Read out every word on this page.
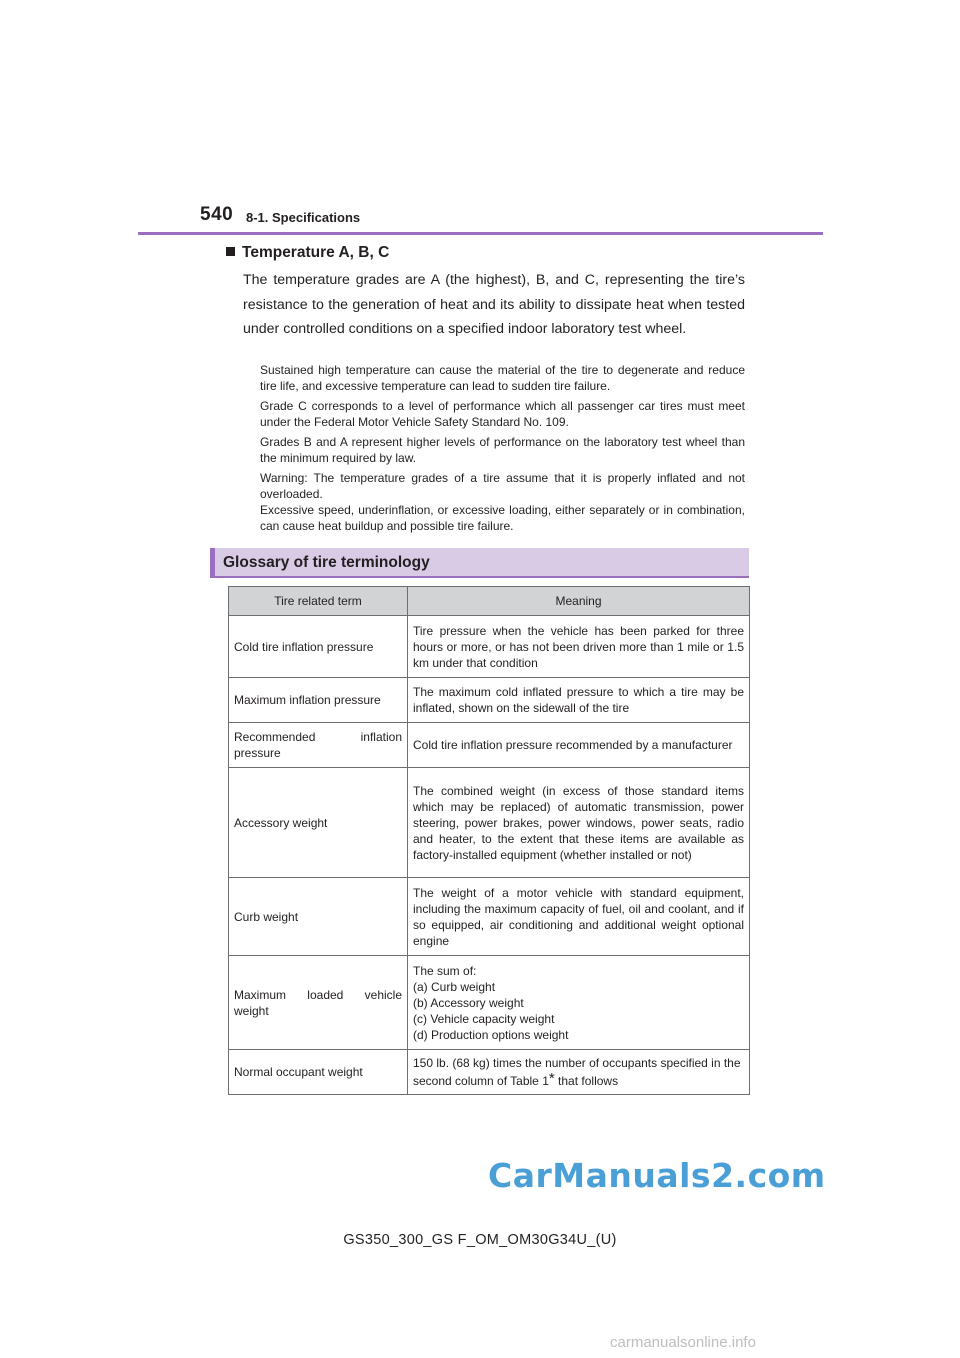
540 8-1. Specifications
Temperature A, B, C
The temperature grades are A (the highest), B, and C, representing the tire’s resistance to the generation of heat and its ability to dissipate heat when tested under controlled conditions on a specified indoor laboratory test wheel.

Sustained high temperature can cause the material of the tire to degenerate and reduce tire life, and excessive temperature can lead to sudden tire failure.

Grade C corresponds to a level of performance which all passenger car tires must meet under the Federal Motor Vehicle Safety Standard No. 109.

Grades B and A represent higher levels of performance on the laboratory test wheel than the minimum required by law.

Warning: The temperature grades of a tire assume that it is properly inflated and not overloaded.
Excessive speed, underinflation, or excessive loading, either separately or in combination, can cause heat buildup and possible tire failure.

Glossary of tire terminology
Tire related term	Meaning
Cold tire inflation pressure	Tire pressure when the vehicle has been parked for three hours or more, or has not been driven more than 1 mile or 1.5 km under that condition
Maximum inflation pressure	The maximum cold inflated pressure to which a tire may be inflated, shown on the sidewall of the tire
Recommended inflation pressure	Cold tire inflation pressure recommended by a manufacturer
Accessory weight	The combined weight (in excess of those standard items which may be replaced) of automatic transmission, power steering, power brakes, power windows, power seats, radio and heater, to the extent that these items are available as factory-installed equipment (whether installed or not)
Curb weight	The weight of a motor vehicle with standard equipment, including the maximum capacity of fuel, oil and coolant, and if so equipped, air conditioning and additional weight optional engine
Maximum loaded vehicle weight	The sum of:
(a) Curb weight
(b) Accessory weight
(c) Vehicle capacity weight
(d) Production options weight
Normal occupant weight	150 lb. (68 kg) times the number of occupants specified in the second column of Table 1* that follows
CarManuals2.com
GS350_300_GS F_OM_OM30G34U_(U)
carmanualsonline.info
